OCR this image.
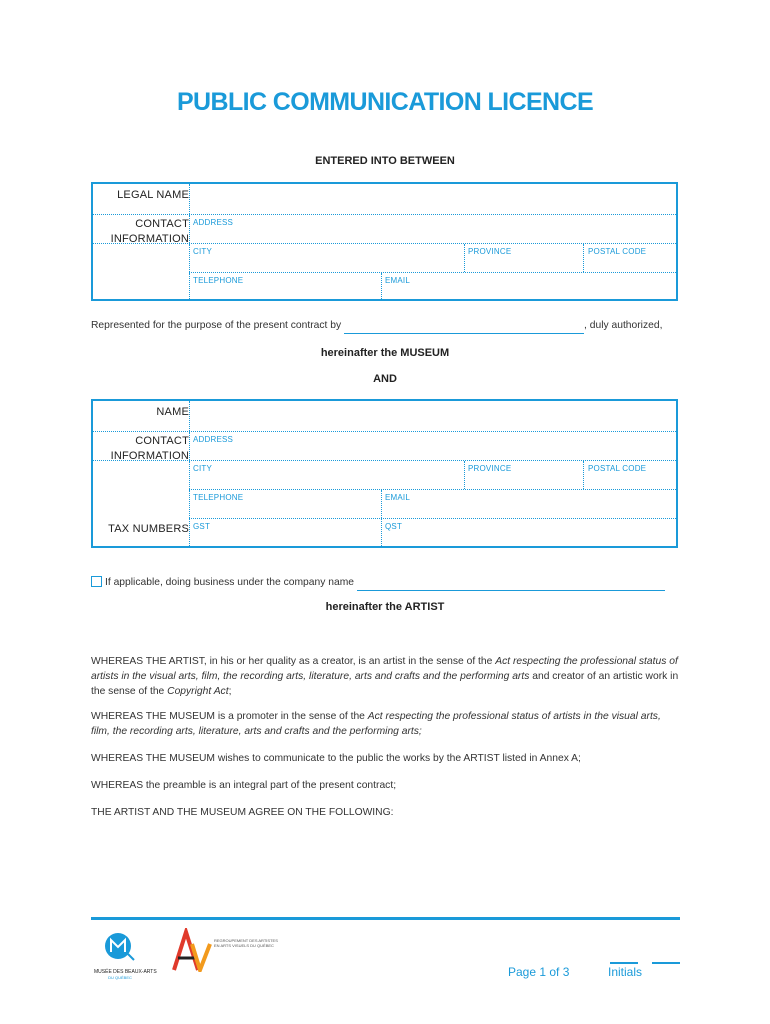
PUBLIC COMMUNICATION LICENCE
ENTERED INTO BETWEEN
LEGAL NAME
CONTACT
INFORMATION
ADDRESS
CITY	PROVINCE	POSTAL CODE
TELEPHONE	EMAIL
Represented for the purpose of the present contract by	, duly authorized,
hereinafter the MUSEUM
AND
NAME
CONTACT
INFORMATION
ADDRESS
CITY	PROVINCE	POSTAL CODE
TELEPHONE	EMAIL
TAX NUMBERS GST	QST
If applicable, doing business under the company name
hereinafter the ARTIST
WHEREAS THE ARTIST, in his or her quality as a creator, is an artist in the sense of the Act respecting the professional status of artists in the visual arts, film, the recording arts, literature, arts and crafts and the performing arts and creator of an artistic work in the sense of the Copyright Act;
WHEREAS THE MUSEUM is a promoter in the sense of the Act respecting the professional status of artists in the visual arts, film, the recording arts, literature, arts and crafts and the performing arts;
WHEREAS THE MUSEUM wishes to communicate to the public the works by the ARTIST listed in Annex A;
WHEREAS the preamble is an integral part of the present contract;
THE ARTIST AND THE MUSEUM AGREE ON THE FOLLOWING:
MUSÉE DES BEAUX-ARTS
DU QUÉBEC
REGROUPEMENT DES ARTISTES EN ARTS VISUELS DU QUÉBEC
Page 1 of 3	Initials
